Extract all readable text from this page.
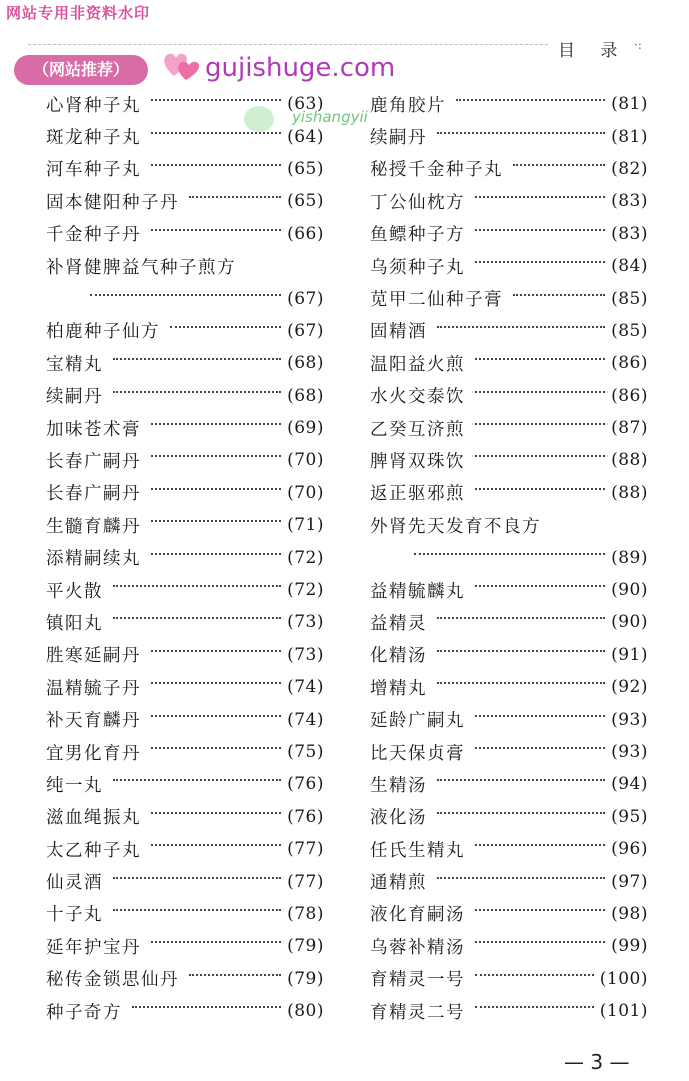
网站专用非资料水印
目 录 ·:
（网站推荐）	gujishuge.com
yishangyii
心肾种子丸	(63)
斑龙种子丸	(64)
河车种子丸	(65)
固本健阳种子丹	(65)
千金种子丹	(66)
补肾健脾益气种子煎方
(67)
柏鹿种子仙方	(67)
宝精丸	(68)
续嗣丹	(68)
加味苍术膏	(69)
长春广嗣丹	(70)
长春广嗣丹	(70)
生髓育麟丹	(71)
添精嗣续丸	(72)
平火散	(72)
镇阳丸	(73)
胜寒延嗣丹	(73)
温精毓子丹	(74)
补天育麟丹	(74)
宜男化育丹	(75)
纯一丸	(76)
滋血绳振丸	(76)
太乙种子丸	(77)
仙灵酒	(77)
十子丸	(78)
延年护宝丹	(79)
秘传金锁思仙丹	(79)
种子奇方	(80)
鹿角胶片	(81)
续嗣丹	(81)
秘授千金种子丸	(82)
丁公仙枕方	(83)
鱼鳔种子方	(83)
乌须种子丸	(84)
苋甲二仙种子膏	(85)
固精酒	(85)
温阳益火煎	(86)
水火交泰饮	(86)
乙癸互济煎	(87)
脾肾双珠饮	(88)
返正驱邪煎	(88)
外肾先天发育不良方
(89)
益精毓麟丸	(90)
益精灵	(90)
化精汤	(91)
增精丸	(92)
延龄广嗣丸	(93)
比天保贞膏	(93)
生精汤	(94)
液化汤	(95)
任氏生精丸	(96)
通精煎	(97)
液化育嗣汤	(98)
乌蓉补精汤	(99)
育精灵一号	(100)
育精灵二号	(101)
— 3 —
